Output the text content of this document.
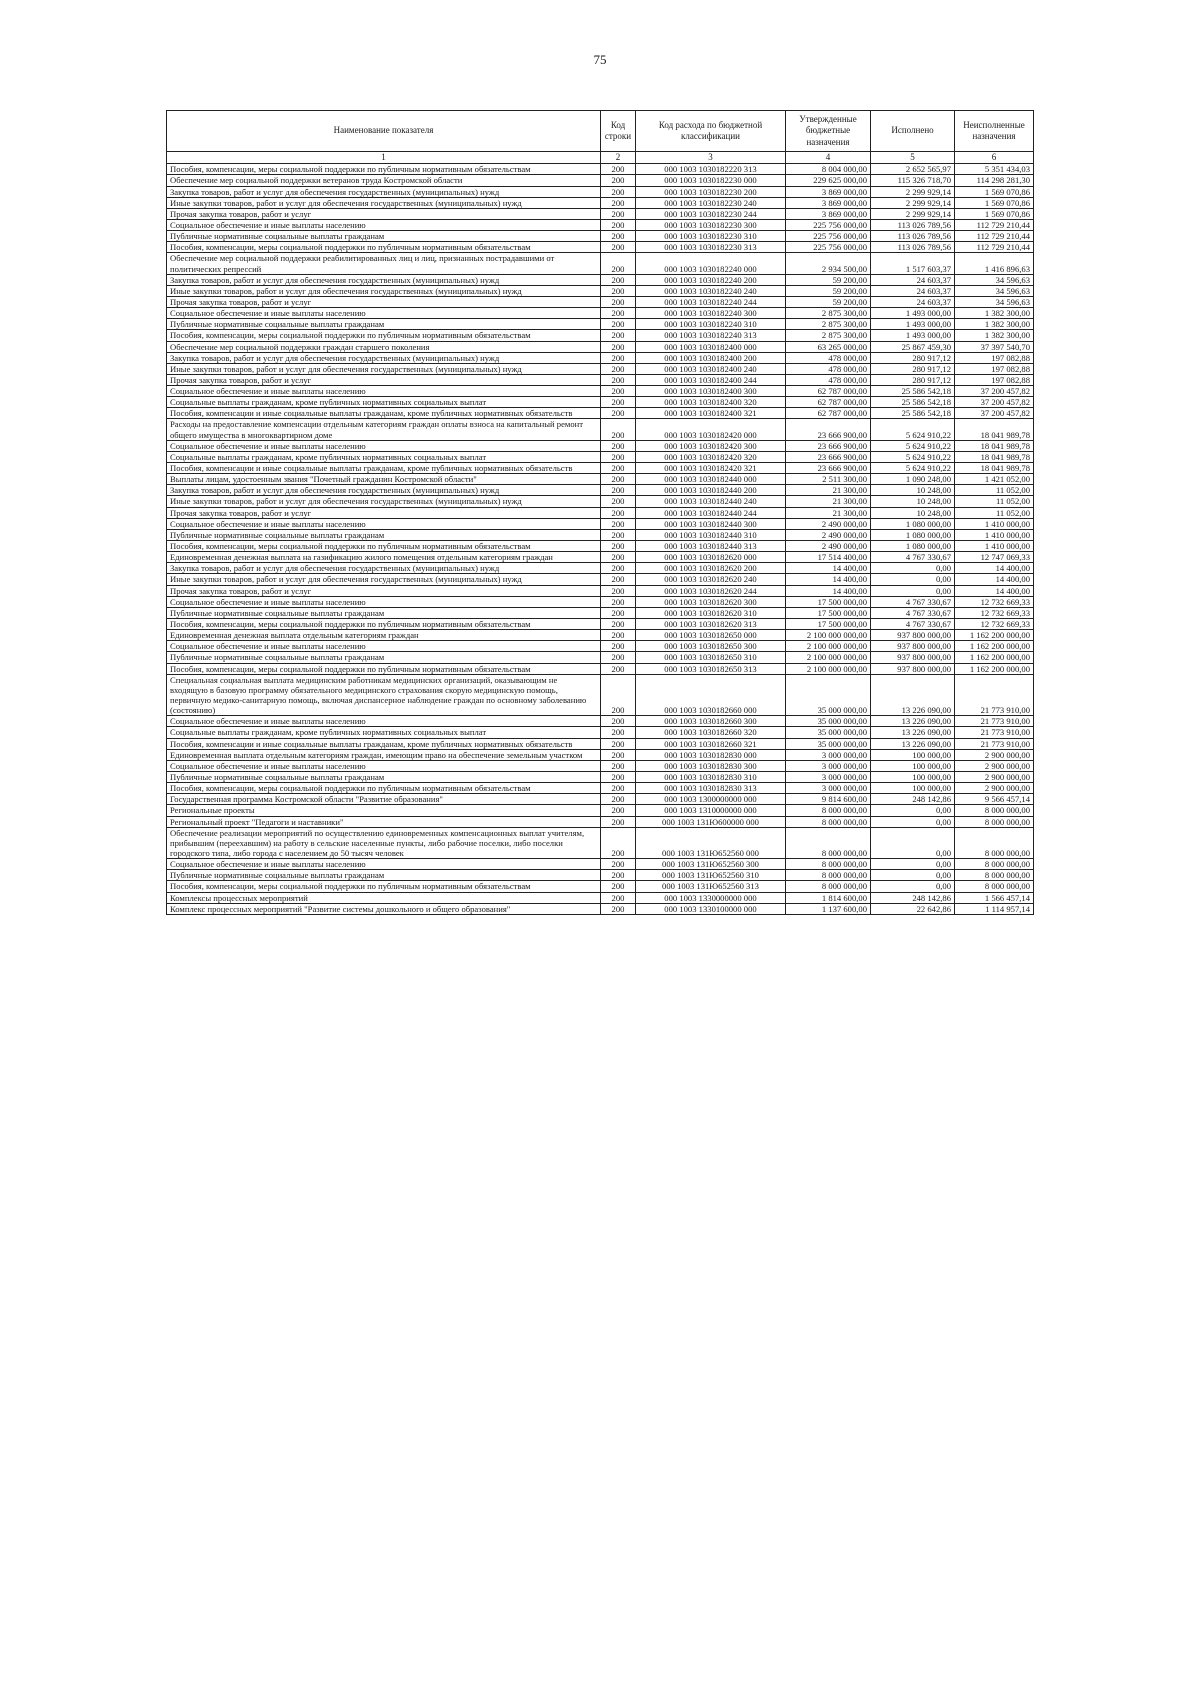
75
Наименование показателя	Код строки	Код расхода по бюджетной классификации	Утвержденные бюджетные назначения	Исполнено	Неисполненные назначения
1	2	3	4	5	6
Пособия, компенсации, меры социальной поддержки по публичным нормативным обязательствам	200	000 1003 1030182220 313	8 004 000,00	2 652 565,97	5 351 434,03
Обеспечение мер социальной поддержки ветеранов труда Костромской области	200	000 1003 1030182230 000	229 625 000,00	115 326 718,70	114 298 281,30
Закупка товаров, работ и услуг для обеспечения государственных (муниципальных) нужд	200	000 1003 1030182230 200	3 869 000,00	2 299 929,14	1 569 070,86
Иные закупки товаров, работ и услуг для обеспечения государственных (муниципальных) нужд	200	000 1003 1030182230 240	3 869 000,00	2 299 929,14	1 569 070,86
Прочая закупка товаров, работ и услуг	200	000 1003 1030182230 244	3 869 000,00	2 299 929,14	1 569 070,86
Социальное обеспечение и иные выплаты населению	200	000 1003 1030182230 300	225 756 000,00	113 026 789,56	112 729 210,44
Публичные нормативные социальные выплаты гражданам	200	000 1003 1030182230 310	225 756 000,00	113 026 789,56	112 729 210,44
Пособия, компенсации, меры социальной поддержки по публичным нормативным обязательствам	200	000 1003 1030182230 313	225 756 000,00	113 026 789,56	112 729 210,44
Обеспечение мер социальной поддержки реабилитированных лиц и лиц, признанных пострадавшими от политических репрессий	200	000 1003 1030182240 000	2 934 500,00	1 517 603,37	1 416 896,63
Закупка товаров, работ и услуг для обеспечения государственных (муниципальных) нужд	200	000 1003 1030182240 200	59 200,00	24 603,37	34 596,63
Иные закупки товаров, работ и услуг для обеспечения государственных (муниципальных) нужд	200	000 1003 1030182240 240	59 200,00	24 603,37	34 596,63
Прочая закупка товаров, работ и услуг	200	000 1003 1030182240 244	59 200,00	24 603,37	34 596,63
Социальное обеспечение и иные выплаты населению	200	000 1003 1030182240 300	2 875 300,00	1 493 000,00	1 382 300,00
Публичные нормативные социальные выплаты гражданам	200	000 1003 1030182240 310	2 875 300,00	1 493 000,00	1 382 300,00
Пособия, компенсации, меры социальной поддержки по публичным нормативным обязательствам	200	000 1003 1030182240 313	2 875 300,00	1 493 000,00	1 382 300,00
Обеспечение мер социальной поддержки граждан старшего поколения	200	000 1003 1030182400 000	63 265 000,00	25 867 459,30	37 397 540,70
Закупка товаров, работ и услуг для обеспечения государственных (муниципальных) нужд	200	000 1003 1030182400 200	478 000,00	280 917,12	197 082,88
Иные закупки товаров, работ и услуг для обеспечения государственных (муниципальных) нужд	200	000 1003 1030182400 240	478 000,00	280 917,12	197 082,88
Прочая закупка товаров, работ и услуг	200	000 1003 1030182400 244	478 000,00	280 917,12	197 082,88
Социальное обеспечение и иные выплаты населению	200	000 1003 1030182400 300	62 787 000,00	25 586 542,18	37 200 457,82
Социальные выплаты гражданам, кроме публичных нормативных социальных выплат	200	000 1003 1030182400 320	62 787 000,00	25 586 542,18	37 200 457,82
Пособия, компенсации и иные социальные выплаты гражданам, кроме публичных нормативных обязательств	200	000 1003 1030182400 321	62 787 000,00	25 586 542,18	37 200 457,82
Расходы на предоставление компенсации отдельным категориям граждан оплаты взноса на капитальный ремонт общего имущества в многоквартирном доме	200	000 1003 1030182420 000	23 666 900,00	5 624 910,22	18 041 989,78
Социальное обеспечение и иные выплаты населению	200	000 1003 1030182420 300	23 666 900,00	5 624 910,22	18 041 989,78
Социальные выплаты гражданам, кроме публичных нормативных социальных выплат	200	000 1003 1030182420 320	23 666 900,00	5 624 910,22	18 041 989,78
Пособия, компенсации и иные социальные выплаты гражданам, кроме публичных нормативных обязательств	200	000 1003 1030182420 321	23 666 900,00	5 624 910,22	18 041 989,78
Выплаты лицам, удостоенным звания "Почетный гражданин Костромской области"	200	000 1003 1030182440 000	2 511 300,00	1 090 248,00	1 421 052,00
Закупка товаров, работ и услуг для обеспечения государственных (муниципальных) нужд	200	000 1003 1030182440 200	21 300,00	10 248,00	11 052,00
Иные закупки товаров, работ и услуг для обеспечения государственных (муниципальных) нужд	200	000 1003 1030182440 240	21 300,00	10 248,00	11 052,00
Прочая закупка товаров, работ и услуг	200	000 1003 1030182440 244	21 300,00	10 248,00	11 052,00
Социальное обеспечение и иные выплаты населению	200	000 1003 1030182440 300	2 490 000,00	1 080 000,00	1 410 000,00
Публичные нормативные социальные выплаты гражданам	200	000 1003 1030182440 310	2 490 000,00	1 080 000,00	1 410 000,00
Пособия, компенсации, меры социальной поддержки по публичным нормативным обязательствам	200	000 1003 1030182440 313	2 490 000,00	1 080 000,00	1 410 000,00
Единовременная денежная выплата на газификацию жилого помещения отдельным категориям граждан	200	000 1003 1030182620 000	17 514 400,00	4 767 330,67	12 747 069,33
Закупка товаров, работ и услуг для обеспечения государственных (муниципальных) нужд	200	000 1003 1030182620 200	14 400,00	0,00	14 400,00
Иные закупки товаров, работ и услуг для обеспечения государственных (муниципальных) нужд	200	000 1003 1030182620 240	14 400,00	0,00	14 400,00
Прочая закупка товаров, работ и услуг	200	000 1003 1030182620 244	14 400,00	0,00	14 400,00
Социальное обеспечение и иные выплаты населению	200	000 1003 1030182620 300	17 500 000,00	4 767 330,67	12 732 669,33
Публичные нормативные социальные выплаты гражданам	200	000 1003 1030182620 310	17 500 000,00	4 767 330,67	12 732 669,33
Пособия, компенсации, меры социальной поддержки по публичным нормативным обязательствам	200	000 1003 1030182620 313	17 500 000,00	4 767 330,67	12 732 669,33
Единовременная денежная выплата отдельным категориям граждан	200	000 1003 1030182650 000	2 100 000 000,00	937 800 000,00	1 162 200 000,00
Социальное обеспечение и иные выплаты населению	200	000 1003 1030182650 300	2 100 000 000,00	937 800 000,00	1 162 200 000,00
Публичные нормативные социальные выплаты гражданам	200	000 1003 1030182650 310	2 100 000 000,00	937 800 000,00	1 162 200 000,00
Пособия, компенсации, меры социальной поддержки по публичным нормативным обязательствам	200	000 1003 1030182650 313	2 100 000 000,00	937 800 000,00	1 162 200 000,00
Специальная социальная выплата медицинским работникам медицинских организаций, оказывающим не входящую в базовую программу обязательного медицинского страхования скорую медицинскую помощь, первичную медико-санитарную помощь, включая диспансерное наблюдение граждан по основному заболеванию (состоянию)	200	000 1003 1030182660 000	35 000 000,00	13 226 090,00	21 773 910,00
Социальное обеспечение и иные выплаты населению	200	000 1003 1030182660 300	35 000 000,00	13 226 090,00	21 773 910,00
Социальные выплаты гражданам, кроме публичных нормативных социальных выплат	200	000 1003 1030182660 320	35 000 000,00	13 226 090,00	21 773 910,00
Пособия, компенсации и иные социальные выплаты гражданам, кроме публичных нормативных обязательств	200	000 1003 1030182660 321	35 000 000,00	13 226 090,00	21 773 910,00
Единовременная выплата отдельным категориям граждан, имеющим право на обеспечение земельным участком	200	000 1003 1030182830 000	3 000 000,00	100 000,00	2 900 000,00
Социальное обеспечение и иные выплаты населению	200	000 1003 1030182830 300	3 000 000,00	100 000,00	2 900 000,00
Публичные нормативные социальные выплаты гражданам	200	000 1003 1030182830 310	3 000 000,00	100 000,00	2 900 000,00
Пособия, компенсации, меры социальной поддержки по публичным нормативным обязательствам	200	000 1003 1030182830 313	3 000 000,00	100 000,00	2 900 000,00
Государственная программа Костромской области "Развитие образования"	200	000 1003 1300000000 000	9 814 600,00	248 142,86	9 566 457,14
Региональные проекты	200	000 1003 1310000000 000	8 000 000,00	0,00	8 000 000,00
Региональный проект "Педагоги и наставники"	200	000 1003 131Ю600000 000	8 000 000,00	0,00	8 000 000,00
Обеспечение реализации мероприятий по осуществлению единовременных компенсационных выплат учителям, прибывшим (переехавшим) на работу в сельские населенные пункты, либо рабочие поселки, либо поселки городского типа, либо города с населением до 50 тысяч человек	200	000 1003 131Ю652560 000	8 000 000,00	0,00	8 000 000,00
Социальное обеспечение и иные выплаты населению	200	000 1003 131Ю652560 300	8 000 000,00	0,00	8 000 000,00
Публичные нормативные социальные выплаты гражданам	200	000 1003 131Ю652560 310	8 000 000,00	0,00	8 000 000,00
Пособия, компенсации, меры социальной поддержки по публичным нормативным обязательствам	200	000 1003 131Ю652560 313	8 000 000,00	0,00	8 000 000,00
Комплексы процессных мероприятий	200	000 1003 1330000000 000	1 814 600,00	248 142,86	1 566 457,14
Комплекс процессных мероприятий "Развитие системы дошкольного и общего образования"	200	000 1003 1330100000 000	1 137 600,00	22 642,86	1 114 957,14
